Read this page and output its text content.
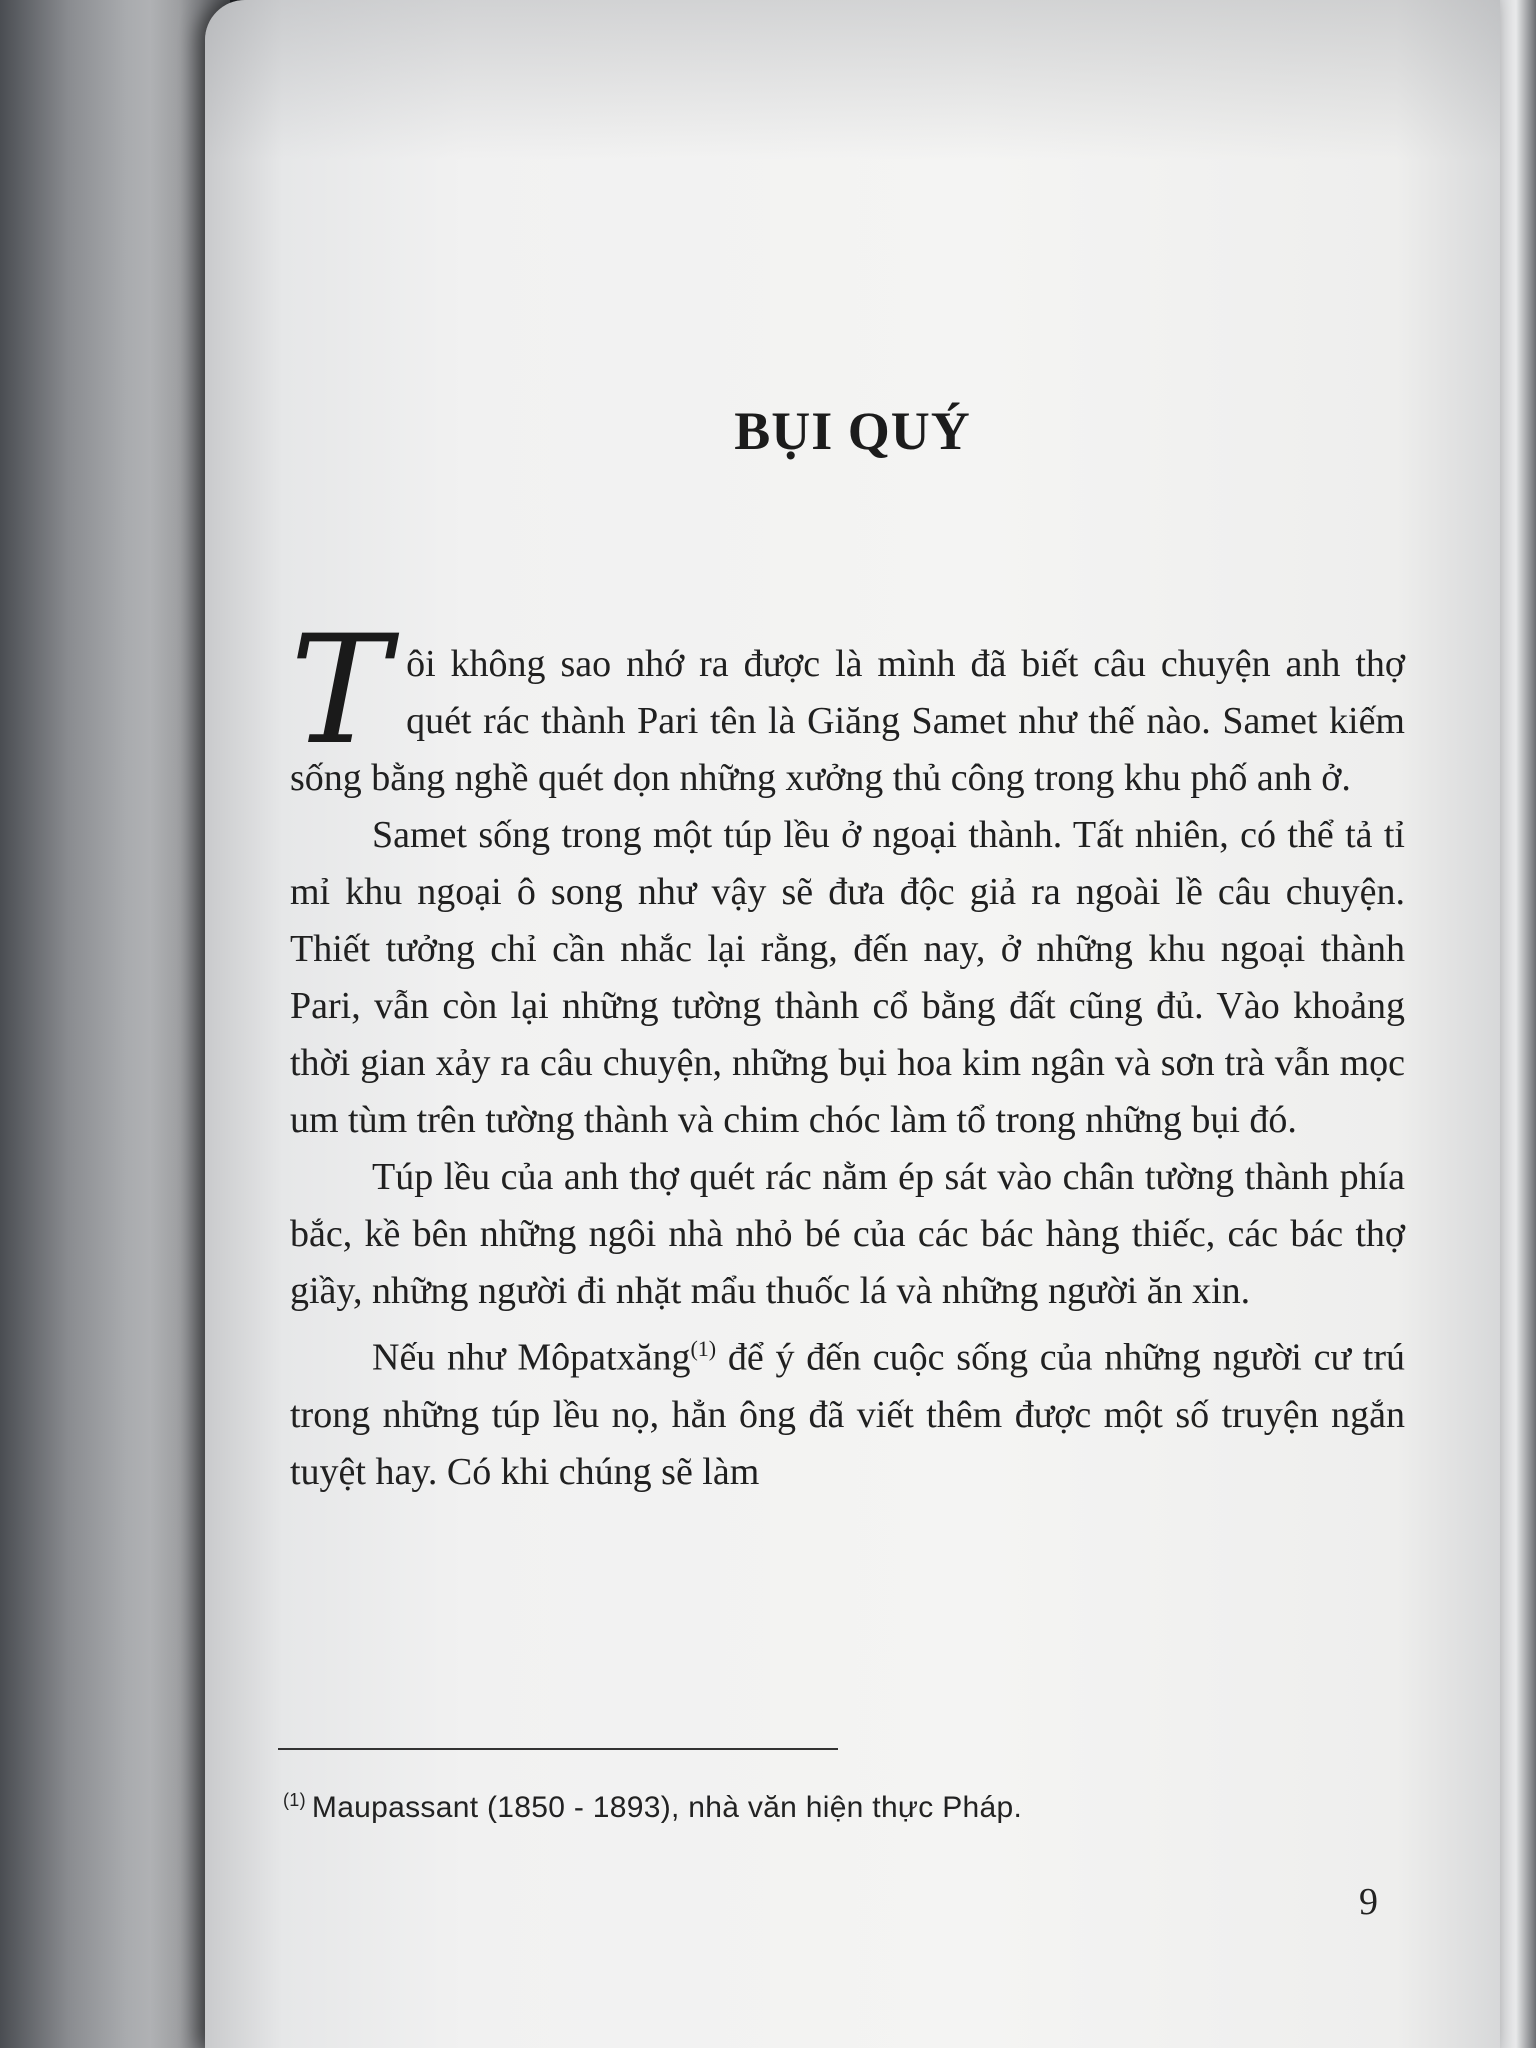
BỤI QUÝ

T ôi không sao nhớ ra được là mình đã biết câu chuyện anh thợ quét rác thành Pari tên là Giăng Samet như thế nào. Samet kiếm sống bằng nghề quét dọn những xưởng thủ công trong khu phố anh ở.

Samet sống trong một túp lều ở ngoại thành. Tất nhiên, có thể tả tỉ mỉ khu ngoại ô song như vậy sẽ đưa độc giả ra ngoài lề câu chuyện. Thiết tưởng chỉ cần nhắc lại rằng, đến nay, ở những khu ngoại thành Pari, vẫn còn lại những tường thành cổ bằng đất cũng đủ. Vào khoảng thời gian xảy ra câu chuyện, những bụi hoa kim ngân và sơn trà vẫn mọc um tùm trên tường thành và chim chóc làm tổ trong những bụi đó.

Túp lều của anh thợ quét rác nằm ép sát vào chân tường thành phía bắc, kề bên những ngôi nhà nhỏ bé của các bác hàng thiếc, các bác thợ giầy, những người đi nhặt mẩu thuốc lá và những người ăn xin.

Nếu như Môpatxăng$^{(1)}$ để ý đến cuộc sống của những người cư trú trong những túp lều nọ, hẳn ông đã viết thêm được một số truyện ngắn tuyệt hay. Có khi chúng sẽ làm

$^{(1)}$ Maupassant (1850 - 1893), nhà văn hiện thực Pháp.
9
